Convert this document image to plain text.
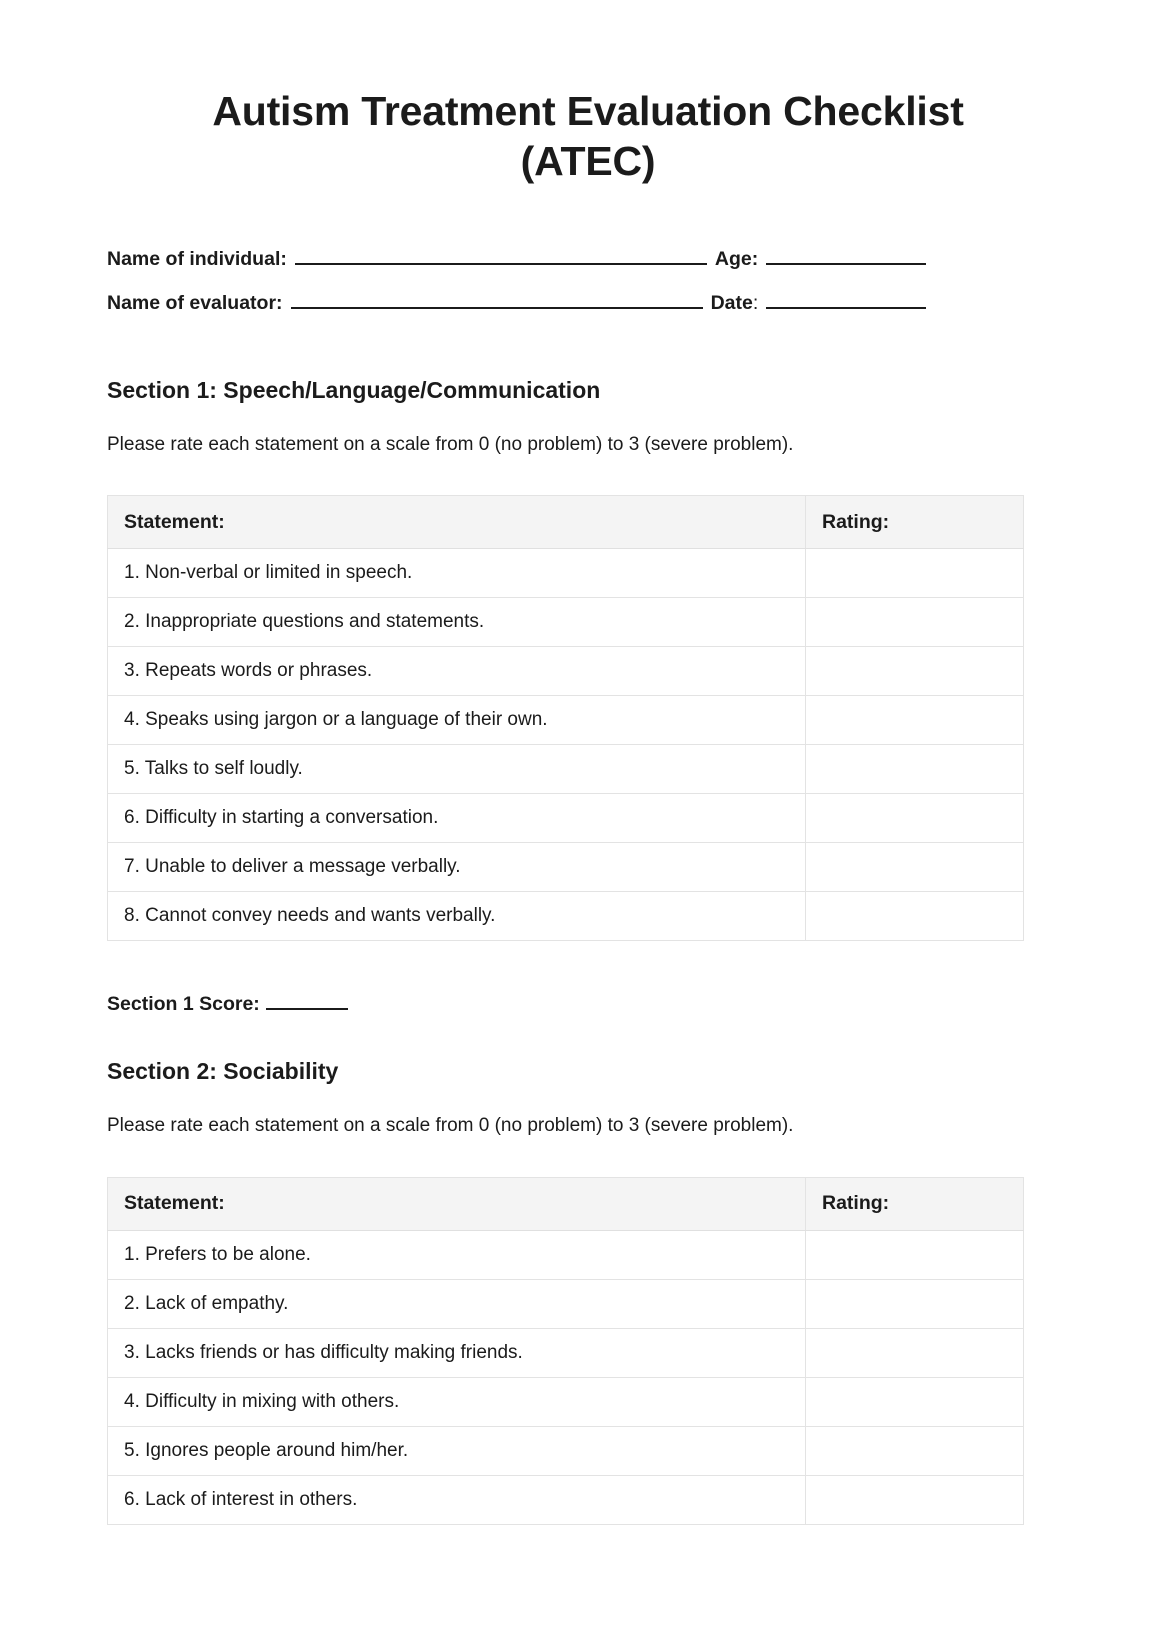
Autism Treatment Evaluation Checklist
(ATEC)
Name of individual:	Age:
Name of evaluator:	Date :
Section 1: Speech/Language/Communication

Please rate each statement on a scale from 0 (no problem) to 3 (severe problem).

Statement:	Rating:
1. Non-verbal or limited in speech.	
2. Inappropriate questions and statements.	
3. Repeats words or phrases.	
4. Speaks using jargon or a language of their own.	
5. Talks to self loudly.	
6. Difficulty in starting a conversation.	
7. Unable to deliver a message verbally.	
8. Cannot convey needs and wants verbally.	

Section 1 Score:

Section 2: Sociability

Please rate each statement on a scale from 0 (no problem) to 3 (severe problem).

Statement:	Rating:
1. Prefers to be alone.	
2. Lack of empathy.	
3. Lacks friends or has difficulty making friends.	
4. Difficulty in mixing with others.	
5. Ignores people around him/her.	
6. Lack of interest in others.	
